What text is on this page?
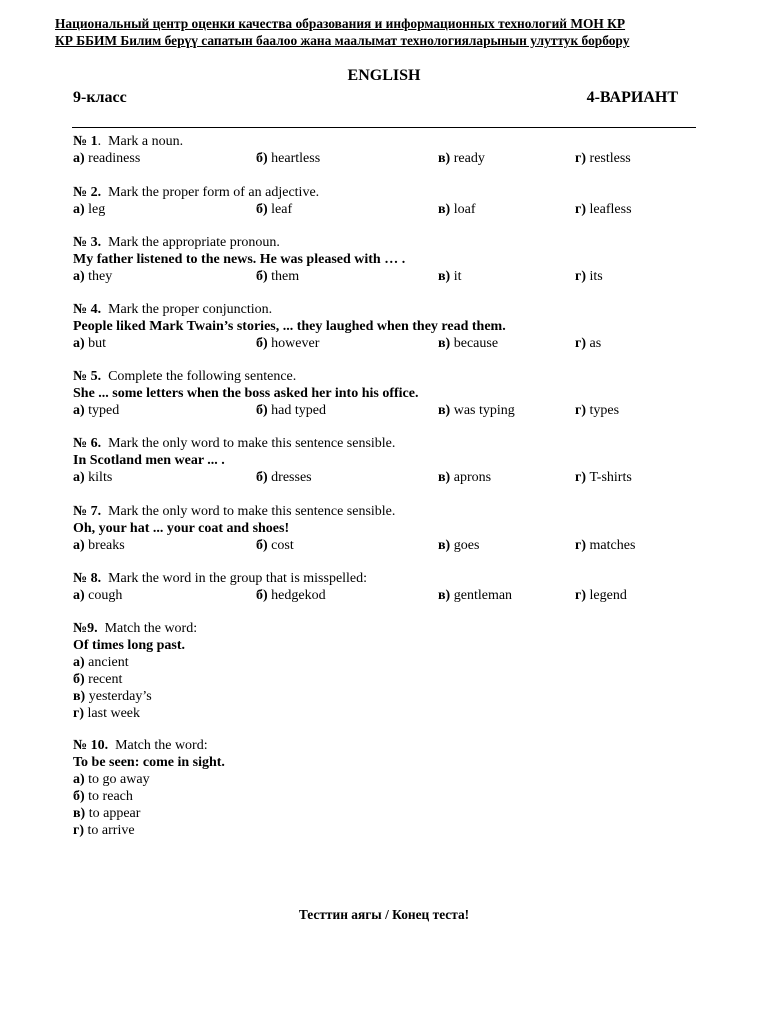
Национальный центр оценки качества образования и информационных технологий МОН КР
КР ББИМ Билим берүү сапатын баалоо жана маалымат технологияларынын улуттук борбору
ENGLISH
9-класс	4-ВАРИАНТ
№ 1.  Mark a noun.
а) readiness	б) heartless	в) ready	г) restless
№ 2. Mark the proper form of an adjective.
а) leg	б) leaf	в) loaf	г) leafless
№ 3. Mark the appropriate pronoun.
My father listened to the news. He was pleased with … .
а) they	б) them	в) it	г) its
№ 4. Mark the proper conjunction.
People liked Mark Twain’s stories, ... they laughed when they read them.
а) but	б) however	в) because	г) as
№ 5. Complete the following sentence.
She ... some letters when the boss asked her into his office.
а) typed	б) had typed	в) was typing	г) types
№ 6. Mark the only word to make this sentence sensible.
In Scotland men wear ... .
а) kilts	б) dresses	в) aprons	г) T-shirts
№ 7. Mark the only word to make this sentence sensible.
Oh, your hat ... your coat and shoes!
а) breaks	б) cost	в) goes	г) matches
№ 8. Mark the word in the group that is misspelled:
а) cough	б) hedgekod	в) gentleman	г) legend
№9. Match the word:
Of times long past.
а) ancient
б) recent
в) yesterday’s
г) last week
№ 10. Match the word:
To be seen: come in sight.
а) to go away
б) to reach
в) to appear
г) to arrive
Тесттин аягы / Конец теста!
